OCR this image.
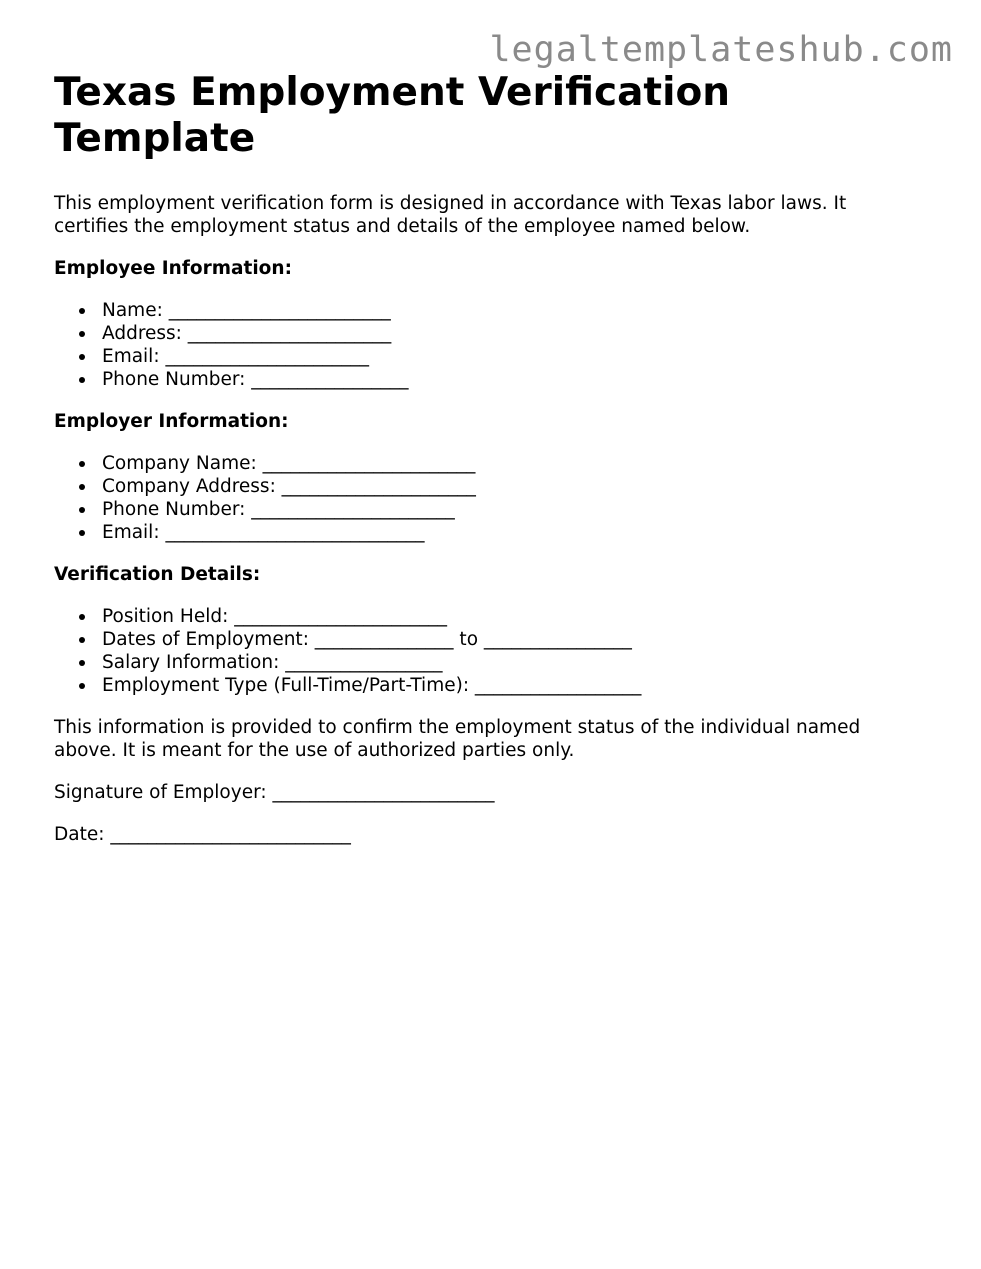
legaltemplateshub.com
Texas Employment Verification Template

This employment verification form is designed in accordance with Texas labor laws. It certifies the employment status and details of the employee named below.

Employee Information:

Name: ________________________
Address: ______________________
Email: ______________________
Phone Number: _________________

Employer Information:

Company Name: _______________________
Company Address: _____________________
Phone Number: ______________________
Email: ____________________________

Verification Details:

Position Held: _______________________
Dates of Employment: _______________ to ________________
Salary Information: _________________
Employment Type (Full-Time/Part-Time): __________________

This information is provided to confirm the employment status of the individual named above. It is meant for the use of authorized parties only.

Signature of Employer: ________________________

Date: __________________________
